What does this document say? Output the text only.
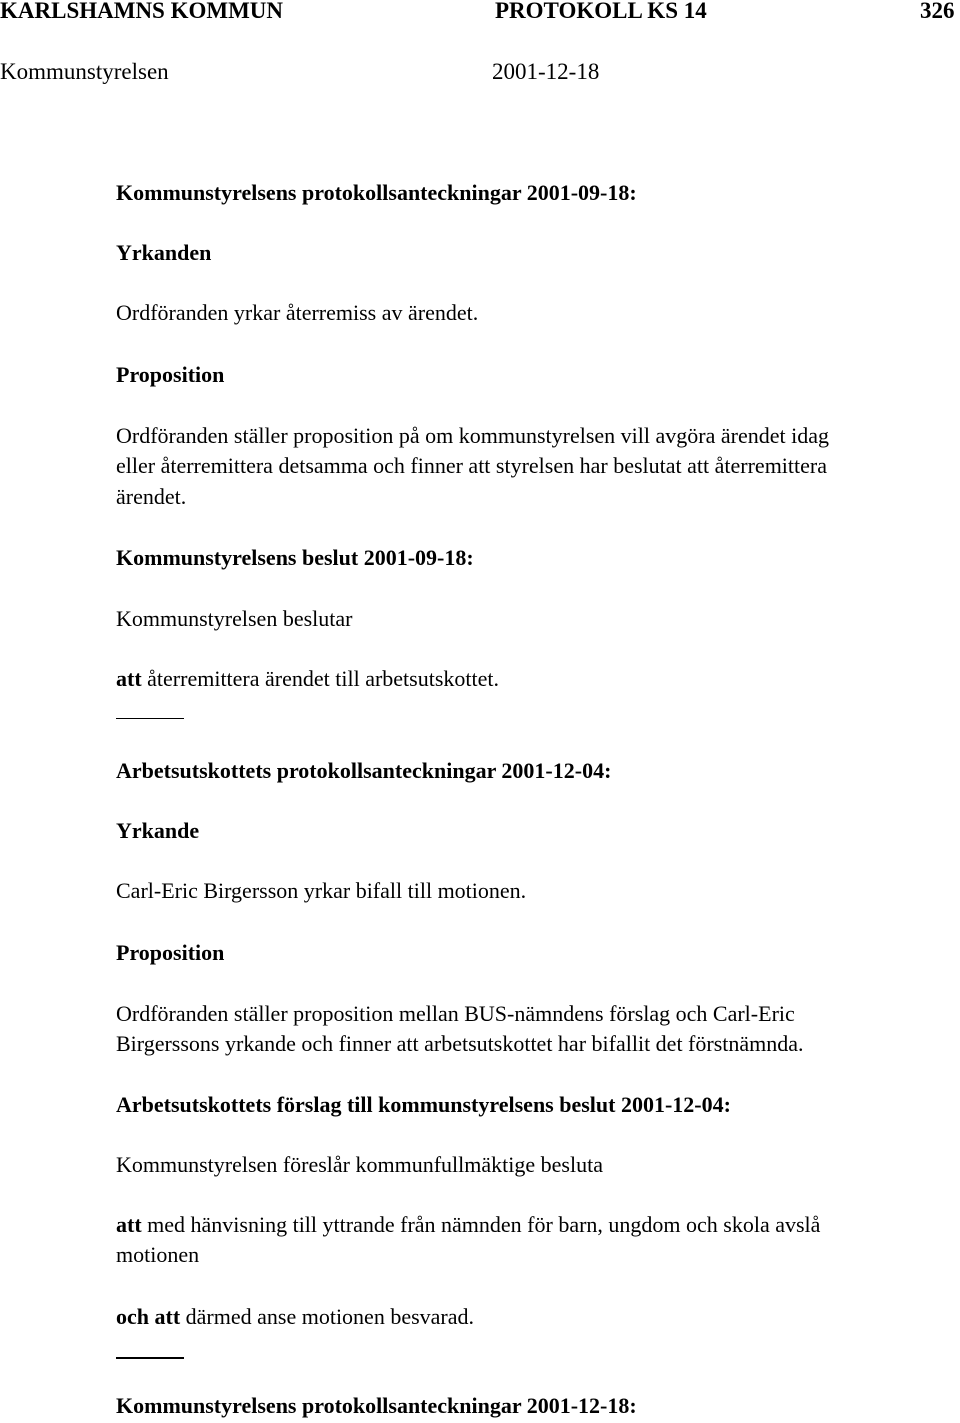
KARLSHAMNS KOMMUN	PROTOKOLL KS 14	326
Kommunstyrelsen	2001-12-18
Kommunstyrelsens protokollsanteckningar 2001-09-18:
Yrkanden
Ordföranden yrkar återremiss av ärendet.
Proposition
Ordföranden ställer proposition på om kommunstyrelsen vill avgöra ärendet idag
eller återremittera detsamma och finner att styrelsen har beslutat att återremittera
ärendet.
Kommunstyrelsens beslut 2001-09-18:
Kommunstyrelsen beslutar
att återremittera ärendet till arbetsutskottet.
Arbetsutskottets protokollsanteckningar 2001-12-04:
Yrkande
Carl-Eric Birgersson yrkar bifall till motionen.
Proposition
Ordföranden ställer proposition mellan BUS-nämndens förslag och Carl-Eric
Birgerssons yrkande och finner att arbetsutskottet har bifallit det förstnämnda.
Arbetsutskottets förslag till kommunstyrelsens beslut 2001-12-04:
Kommunstyrelsen föreslår kommunfullmäktige besluta
att med hänvisning till yttrande från nämnden för barn, ungdom och skola avslå
motionen
och att därmed anse motionen besvarad.
Kommunstyrelsens protokollsanteckningar 2001-12-18:
